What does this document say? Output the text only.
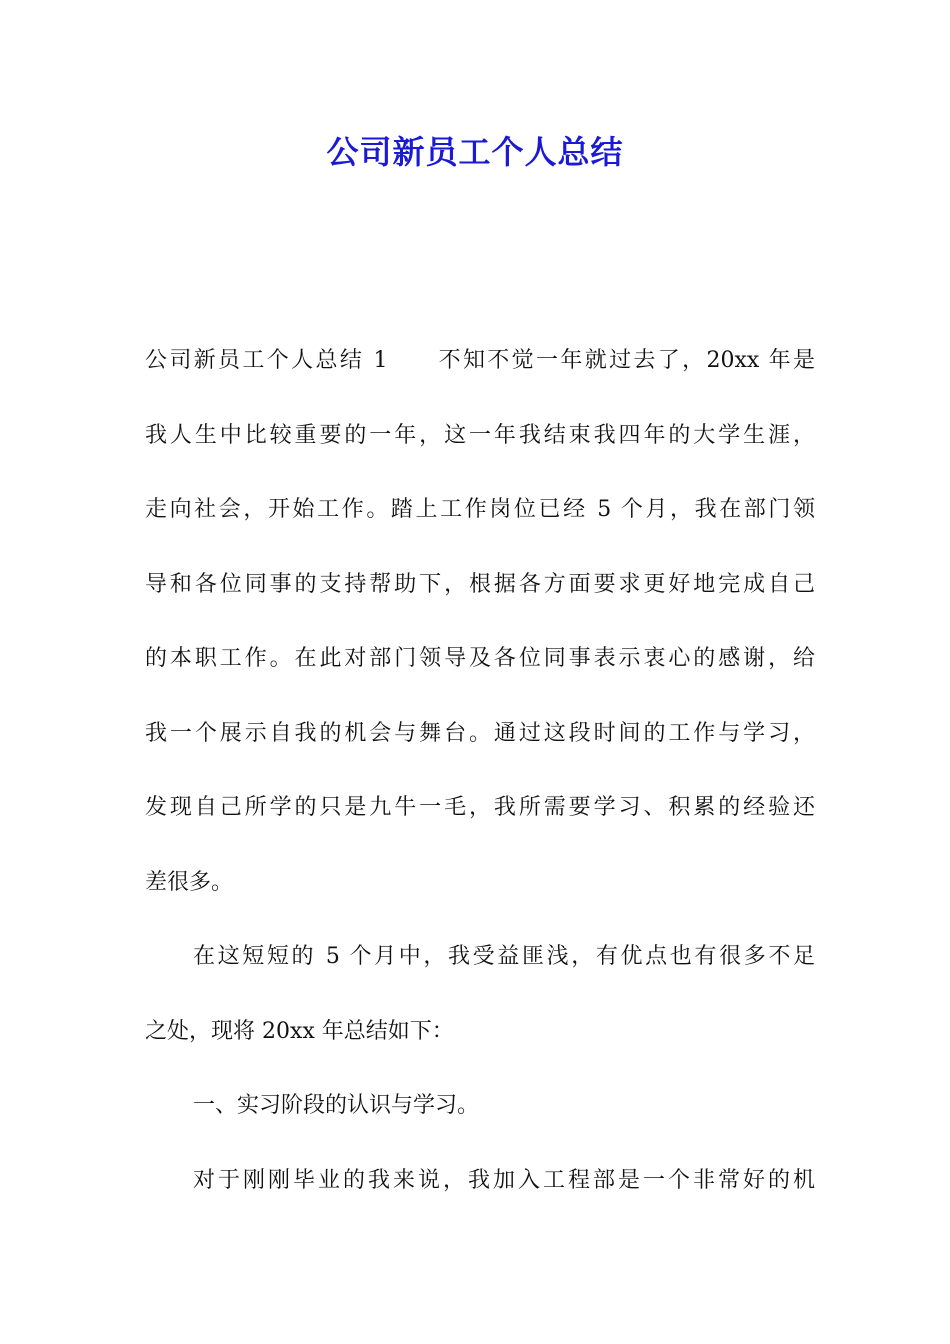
公司新员工个人总结
公司新员工个人总结 1　　不知不觉一年就过去了，20xx 年是
我人生中比较重要的一年，这一年我结束我四年的大学生涯，
走向社会，开始工作。踏上工作岗位已经 5 个月，我在部门领
导和各位同事的支持帮助下，根据各方面要求更好地完成自己
的本职工作。在此对部门领导及各位同事表示衷心的感谢，给
我一个展示自我的机会与舞台。通过这段时间的工作与学习，
发现自己所学的只是九牛一毛，我所需要学习、积累的经验还
差很多。
在这短短的 5 个月中，我受益匪浅，有优点也有很多不足
之处，现将 20xx 年总结如下：
一、实习阶段的认识与学习。
对于刚刚毕业的我来说，我加入工程部是一个非常好的机
